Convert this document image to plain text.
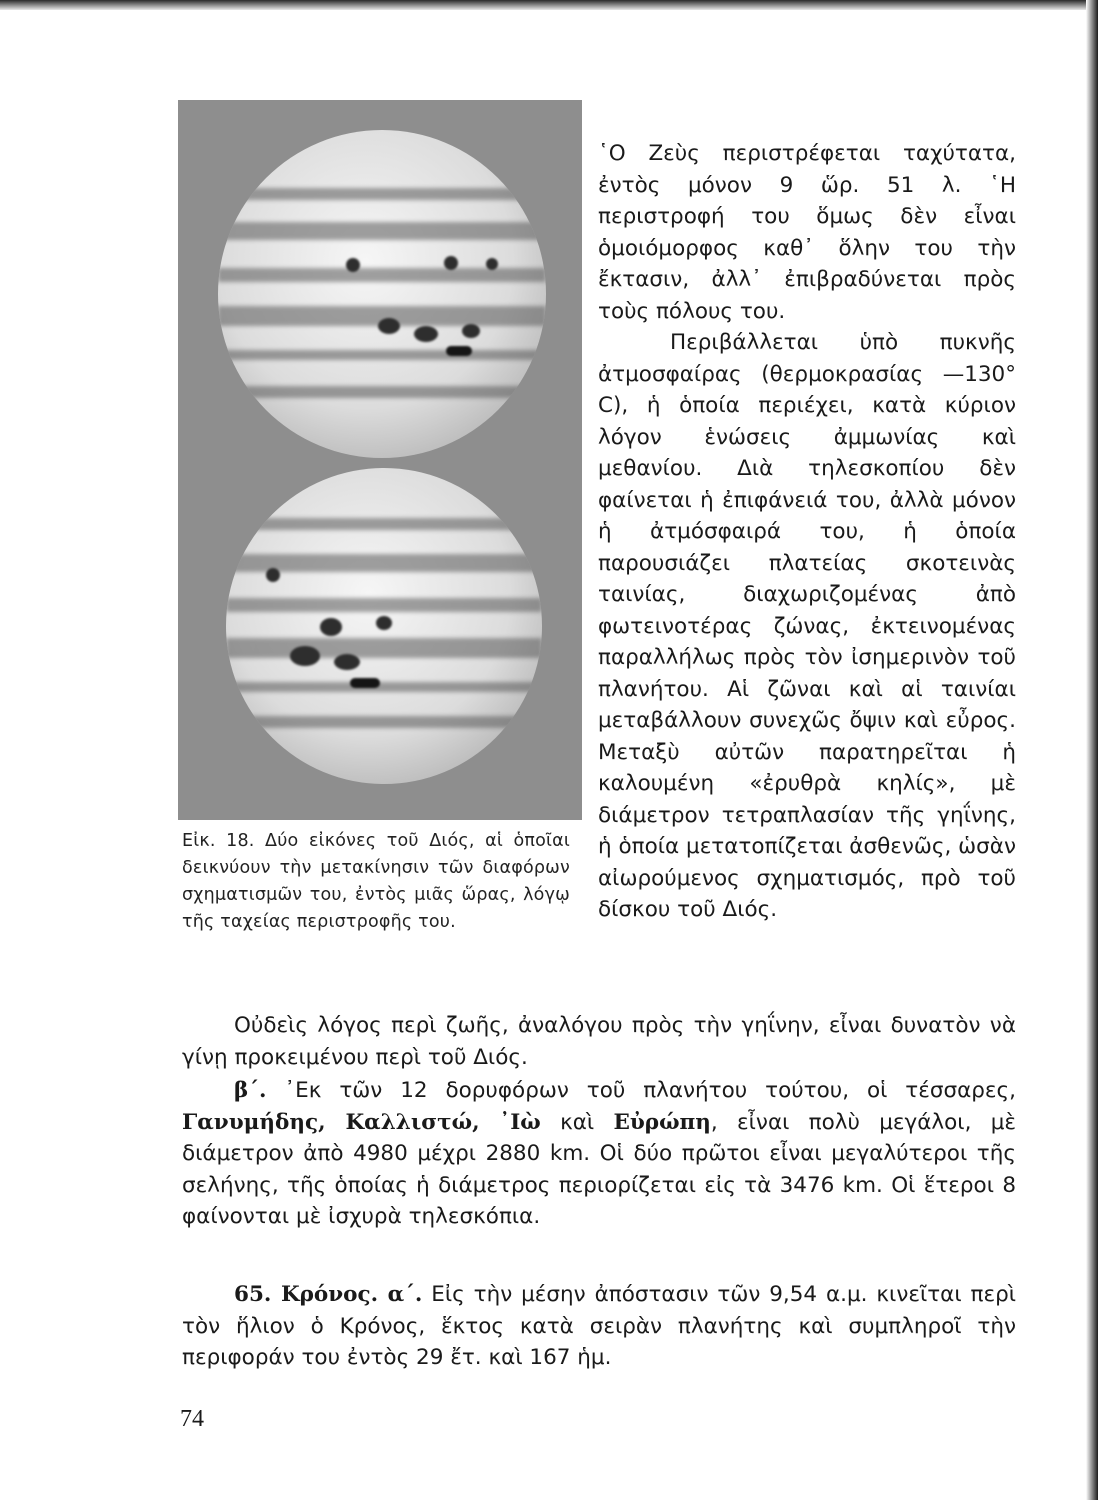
Εἰκ. 18. Δύο εἰκόνες τοῦ Διός, αἱ ὁποῖαι δεικνύουν τὴν μετακίνησιν τῶν διαφόρων σχηματισμῶν του, ἐντὸς μιᾶς ὥρας, λόγῳ τῆς ταχείας περιστροφῆς του.

῾Ο Ζεὺς περιστρέφεται ταχύτατα, ἐντὸς μόνον 9 ὥρ. 51 λ. ῾Η περιστροφή του ὅμως δὲν εἶναι ὁμοιόμορφος καθ᾿ ὅλην του τὴν ἔκτασιν, ἀλλ᾿ ἐπιβραδύνεται πρὸς τοὺς πόλους του.

Περιβάλλεται ὑπὸ πυκνῆς ἀτμοσφαίρας (θερμοκρασίας —130° C), ἡ ὁποία περιέχει, κατὰ κύριον λόγον ἑνώσεις ἀμμωνίας καὶ μεθανίου. Διὰ τηλεσκοπίου δὲν φαίνεται ἡ ἐπιφάνειά του, ἀλλὰ μόνον ἡ ἀτμόσφαιρά του, ἡ ὁποία παρουσιάζει πλατείας σκοτεινὰς ταινίας, διαχωριζομένας ἀπὸ φωτεινοτέρας ζώνας, ἐκτεινομένας παραλλήλως πρὸς τὸν ἰσημερινὸν τοῦ πλανήτου. Αἱ ζῶναι καὶ αἱ ταινίαι μεταβάλλουν συνεχῶς ὄψιν καὶ εὖρος. Μεταξὺ αὐτῶν παρατηρεῖται ἡ καλουμένη «ἐρυθρὰ κηλίς», μὲ διάμετρον τετραπλασίαν τῆς γηΐνης, ἡ ὁποία μετατοπίζεται ἀσθενῶς, ὡσὰν αἰωρούμενος σχηματισμός, πρὸ τοῦ δίσκου τοῦ Διός.

Οὐδεὶς λόγος περὶ ζωῆς, ἀναλόγου πρὸς τὴν γηΐνην, εἶναι δυνατὸν νὰ γίνῃ προκειμένου περὶ τοῦ Διός.

β΄. ᾿Εκ τῶν 12 δορυφόρων τοῦ πλανήτου τούτου, οἱ τέσσαρες, Γανυμήδης, Καλλιστώ, ᾿Ιὼ καὶ Εὐρώπη, εἶναι πολὺ μεγάλοι, μὲ διάμετρον ἀπὸ 4980 μέχρι 2880 km. Οἱ δύο πρῶτοι εἶναι μεγαλύτεροι τῆς σελήνης, τῆς ὁποίας ἡ διάμετρος περιορίζεται εἰς τὰ 3476 km. Οἱ ἕτεροι 8 φαίνονται μὲ ἰσχυρὰ τηλεσκόπια.

65. Κρόνος. α΄. Εἰς τὴν μέσην ἀπόστασιν τῶν 9,54 α.μ. κινεῖται περὶ τὸν ἥλιον ὁ Κρόνος, ἕκτος κατὰ σειρὰν πλανήτης καὶ συμπληροῖ τὴν περιφοράν του ἐντὸς 29 ἔτ. καὶ 167 ἡμ.

74
